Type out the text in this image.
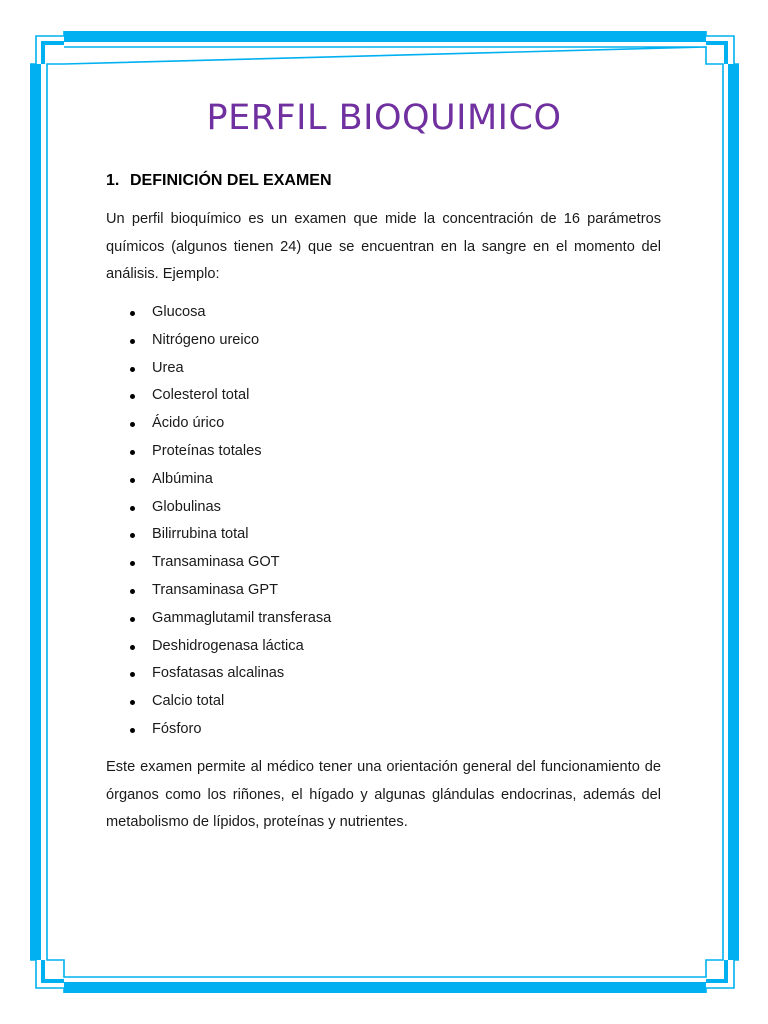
PERFIL BIOQUIMICO
1. DEFINICIÓN DEL EXAMEN
Un perfil bioquímico es un examen que mide la concentración de 16 parámetros químicos (algunos tienen 24) que se encuentran en la sangre en el momento del análisis. Ejemplo:
Glucosa
Nitrógeno ureico
Urea
Colesterol total
Ácido úrico
Proteínas totales
Albúmina
Globulinas
Bilirrubina total
Transaminasa GOT
Transaminasa GPT
Gammaglutamil transferasa
Deshidrogenasa láctica
Fosfatasas alcalinas
Calcio total
Fósforo
Este examen permite al médico tener una orientación general del funcionamiento de órganos como los riñones, el hígado y algunas glándulas endocrinas, además del metabolismo de lípidos, proteínas y nutrientes.
